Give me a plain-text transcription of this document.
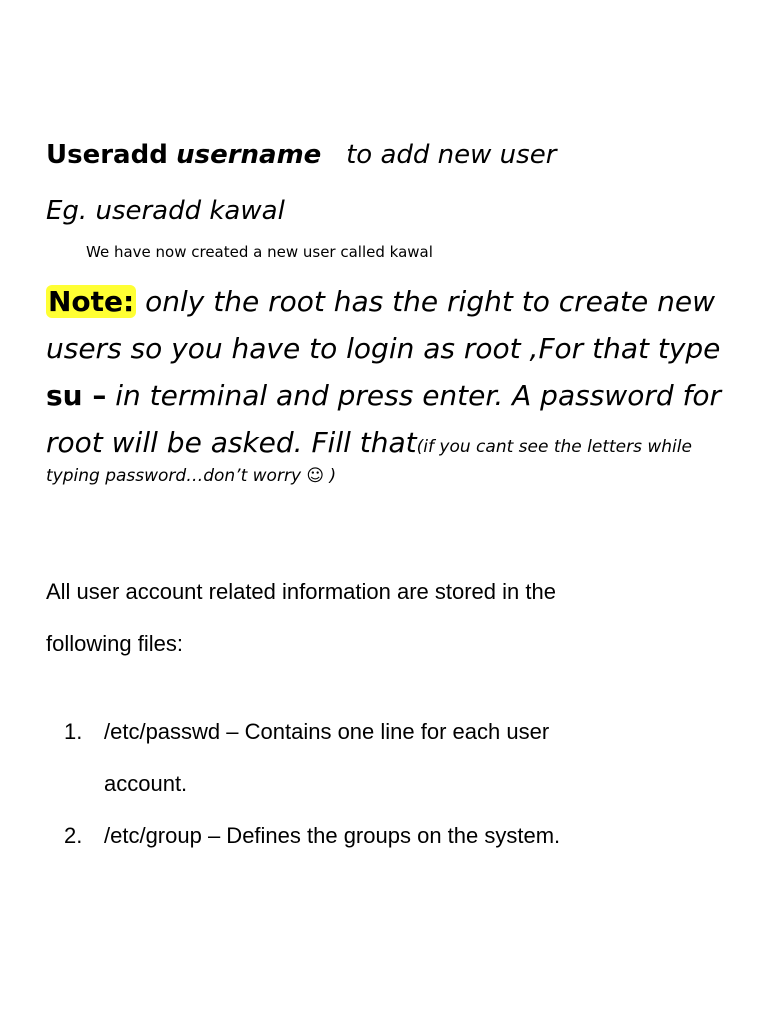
Useradd username to add new user
Eg. useradd kawal
We have now created a new user called kawal
Note: only the root has the right to create new
users so you have to login as root ,For that type
su – in terminal and press enter. A password for
root will be asked. Fill that(if you cant see the letters while
typing password…don’t worry ☺ )
All user account related information are stored in the
following files:
1. /etc/passwd – Contains one line for each user
account.
2. /etc/group – Defines the groups on the system.
